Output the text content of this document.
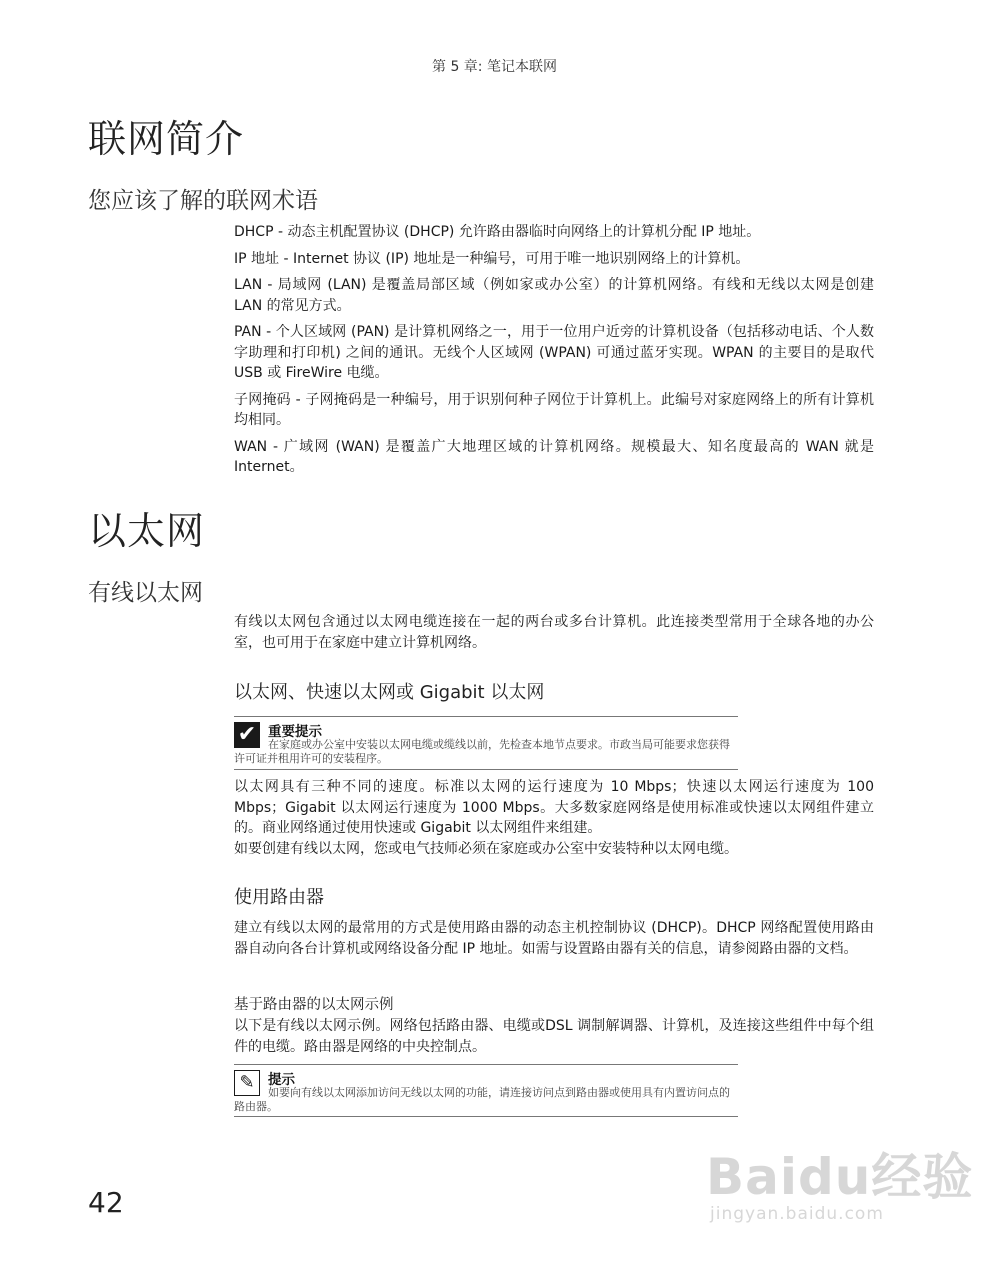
第 5 章: 笔记本联网
联网简介
您应该了解的联网术语

DHCP - 动态主机配置协议 (DHCP) 允许路由器临时向网络上的计算机分配 IP 地址。

IP 地址 - Internet 协议 (IP) 地址是一种编号，可用于唯一地识别网络上的计算机。

LAN - 局域网 (LAN) 是覆盖局部区域（例如家或办公室）的计算机网络。有线和无线以太网是创建 LAN 的常见方式。

PAN - 个人区域网 (PAN) 是计算机网络之一，用于一位用户近旁的计算机设备（包括移动电话、个人数字助理和打印机) 之间的通讯。无线个人区域网 (WPAN) 可通过蓝牙实现。WPAN 的主要目的是取代 USB 或 FireWire 电缆。

子网掩码 - 子网掩码是一种编号，用于识别何种子网位于计算机上。此编号对家庭网络上的所有计算机均相同。

WAN - 广域网 (WAN) 是覆盖广大地理区域的计算机网络。规模最大、知名度最高的 WAN 就是 Internet。

以太网
有线以太网
有线以太网包含通过以太网电缆连接在一起的两台或多台计算机。此连接类型常用于全球各地的办公室，也可用于在家庭中建立计算机网络。
以太网、快速以太网或 Gigabit 以太网
✔ 重要提示
在家庭或办公室中安装以太网电缆或缆线以前，先检查本地节点要求。市政当局可能要求您获得许可证并租用许可的安装程序。
以太网具有三种不同的速度。标准以太网的运行速度为 10 Mbps；快速以太网运行速度为 100 Mbps；Gigabit 以太网运行速度为 1000 Mbps。大多数家庭网络是使用标准或快速以太网组件建立的。商业网络通过使用快速或 Gigabit 以太网组件来组建。
如要创建有线以太网，您或电气技师必须在家庭或办公室中安装特种以太网电缆。
使用路由器
建立有线以太网的最常用的方式是使用路由器的动态主机控制协议 (DHCP)。DHCP 网络配置使用路由器自动向各台计算机或网络设备分配 IP 地址。如需与设置路由器有关的信息，请参阅路由器的文档。
基于路由器的以太网示例
以下是有线以太网示例。网络包括路由器、电缆或DSL 调制解调器、计算机，及连接这些组件中每个组件的电缆。路由器是网络的中央控制点。
✎ 提示
如要向有线以太网添加访问无线以太网的功能，请连接访问点到路由器或使用具有内置访问点的路由器。
42	Baidu经验
jingyan.baidu.com
